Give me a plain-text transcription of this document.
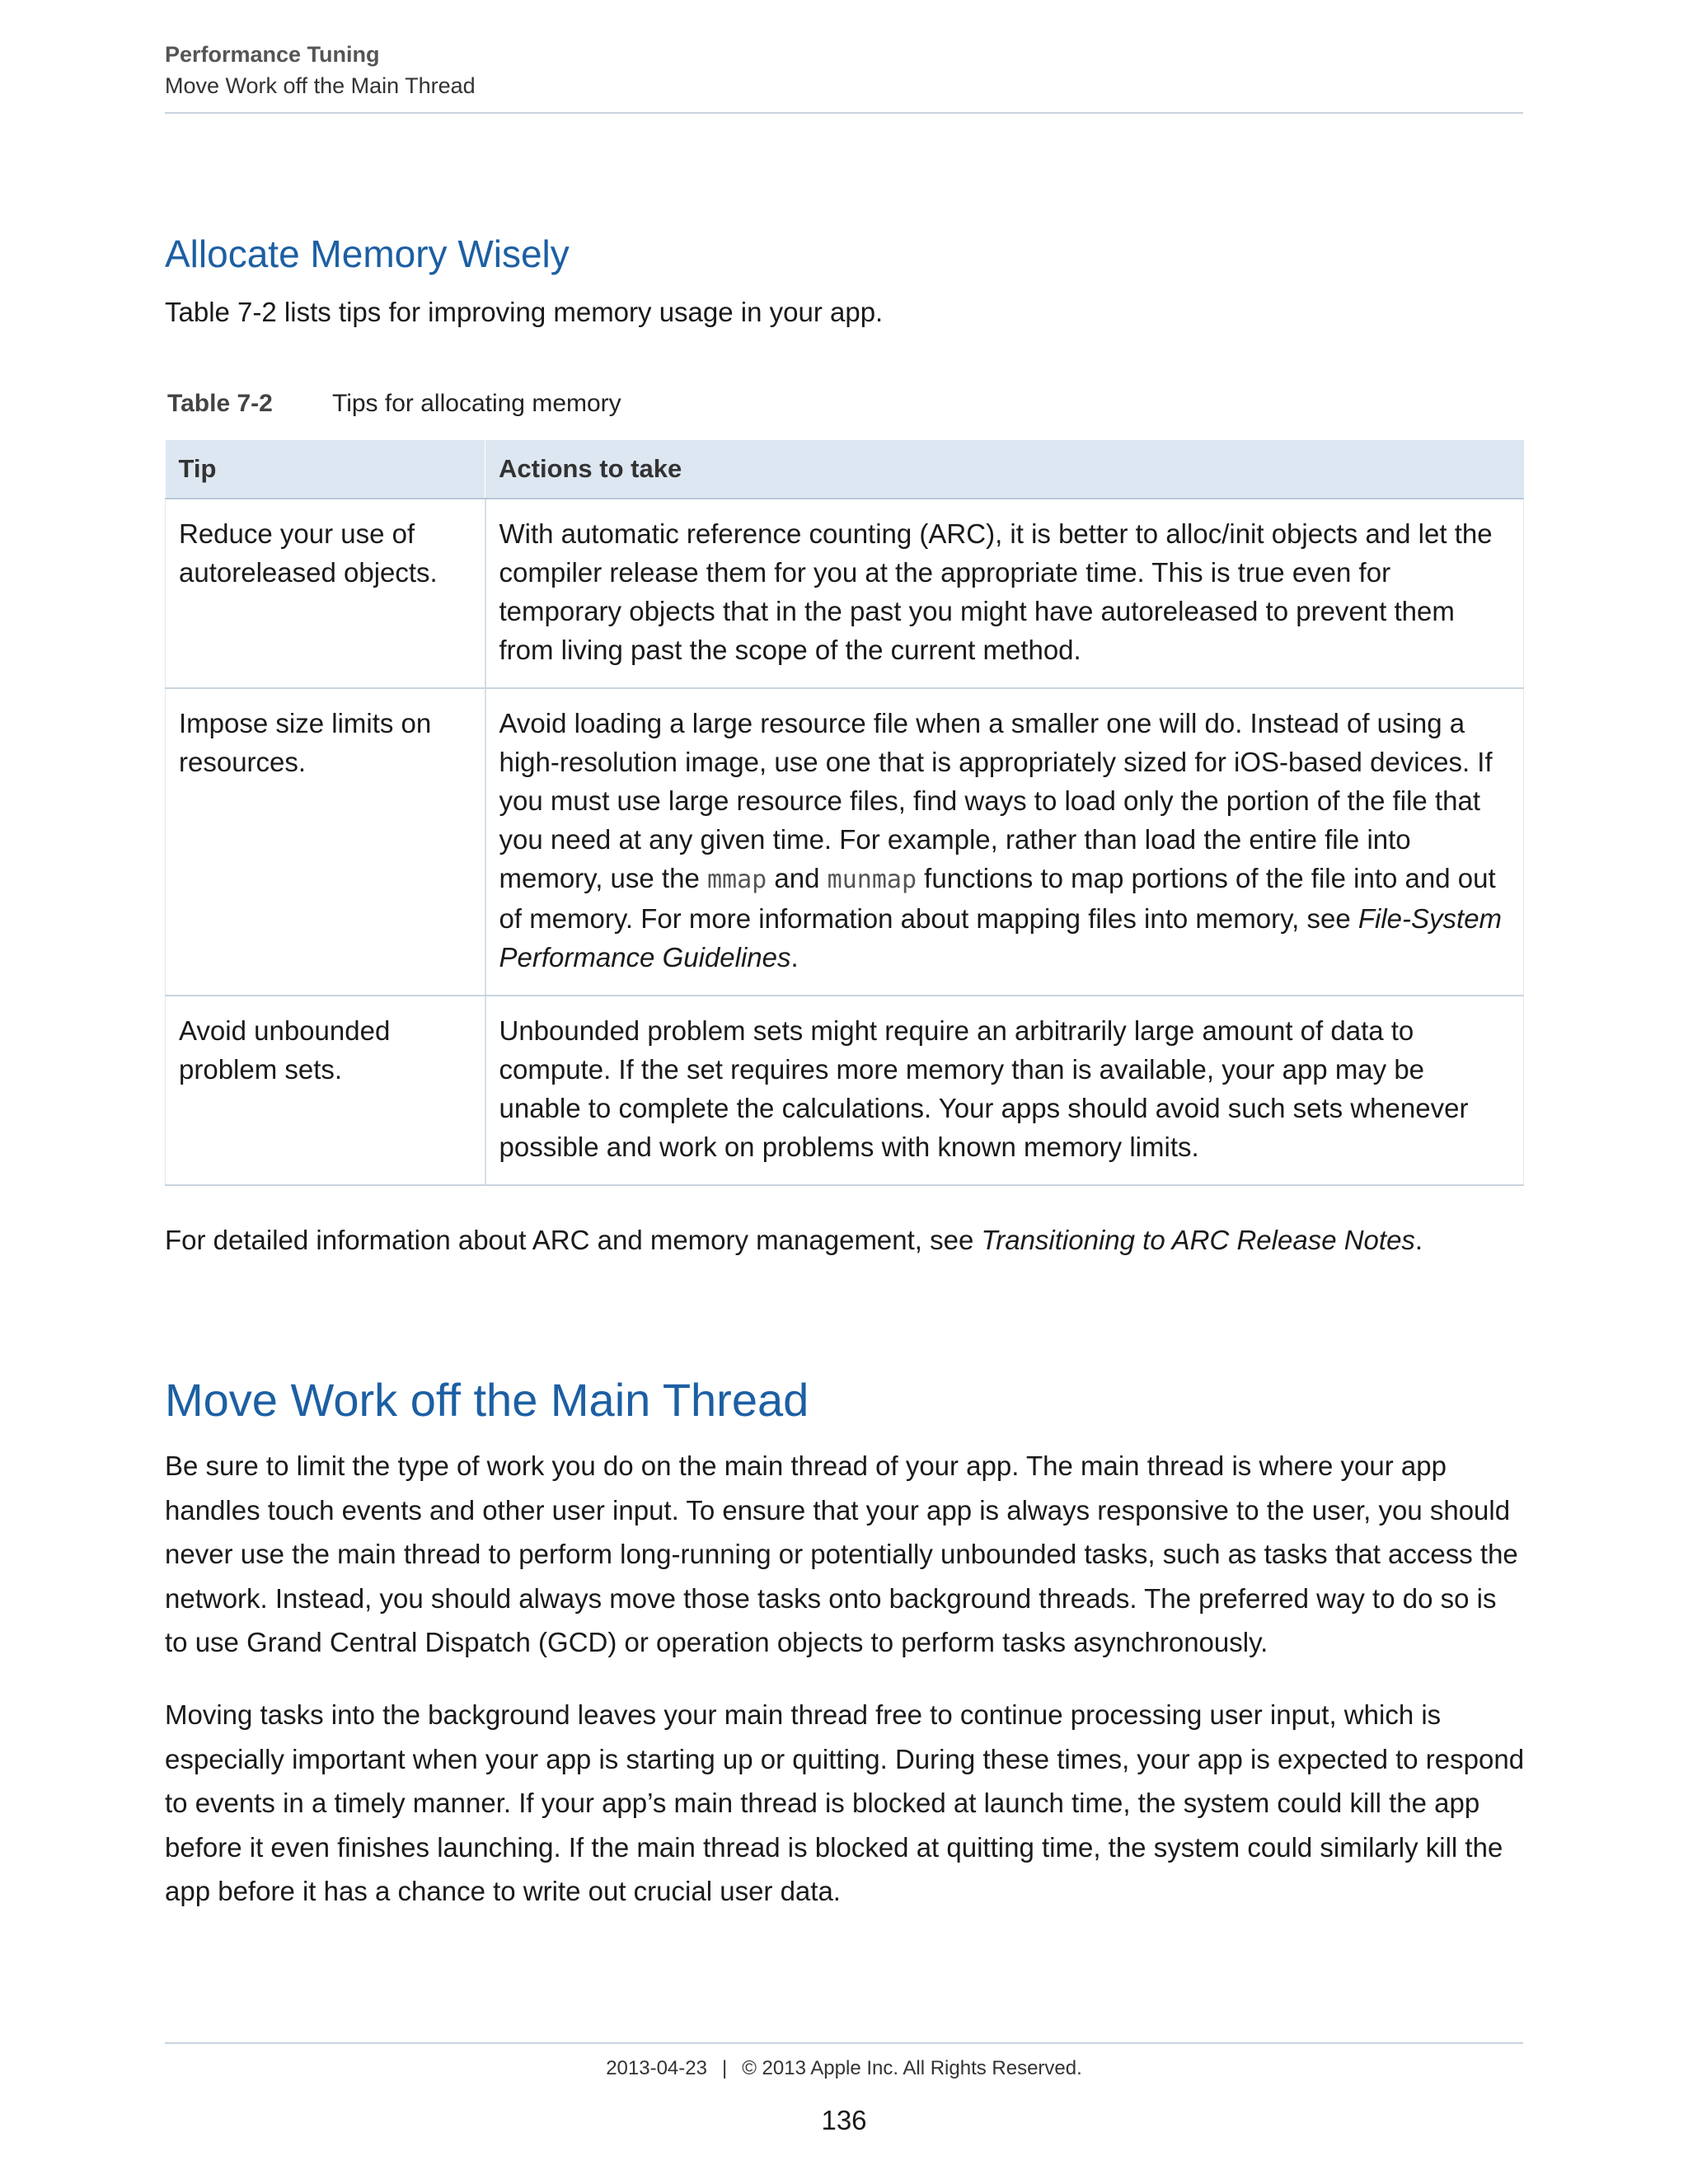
Performance Tuning
Move Work off the Main Thread
Allocate Memory Wisely

Table 7-2 lists tips for improving memory usage in your app.

Table 7-2 Tips for allocating memory
Tip	Actions to take
Reduce your use of autoreleased objects.	With automatic reference counting (ARC), it is better to alloc/init objects and let the compiler release them for you at the appropriate time. This is true even for temporary objects that in the past you might have autoreleased to prevent them from living past the scope of the current method.
Impose size limits on resources.	Avoid loading a large resource file when a smaller one will do. Instead of using a high-resolution image, use one that is appropriately sized for iOS-based devices. If you must use large resource files, find ways to load only the portion of the file that you need at any given time. For example, rather than load the entire file into memory, use the mmap and munmap functions to map portions of the file into and out of memory. For more information about mapping files into memory, see File-System Performance Guidelines.
Avoid unbounded problem sets.	Unbounded problem sets might require an arbitrarily large amount of data to compute. If the set requires more memory than is available, your app may be unable to complete the calculations. Your apps should avoid such sets whenever possible and work on problems with known memory limits.

For detailed information about ARC and memory management, see Transitioning to ARC Release Notes.

Move Work off the Main Thread

Be sure to limit the type of work you do on the main thread of your app. The main thread is where your app handles touch events and other user input. To ensure that your app is always responsive to the user, you should never use the main thread to perform long-running or potentially unbounded tasks, such as tasks that access the network. Instead, you should always move those tasks onto background threads. The preferred way to do so is to use Grand Central Dispatch (GCD) or operation objects to perform tasks asynchronously.

Moving tasks into the background leaves your main thread free to continue processing user input, which is especially important when your app is starting up or quitting. During these times, your app is expected to respond to events in a timely manner. If your app’s main thread is blocked at launch time, the system could kill the app before it even finishes launching. If the main thread is blocked at quitting time, the system could similarly kill the app before it has a chance to write out crucial user data.

2013-04-23 | © 2013 Apple Inc. All Rights Reserved.
136
